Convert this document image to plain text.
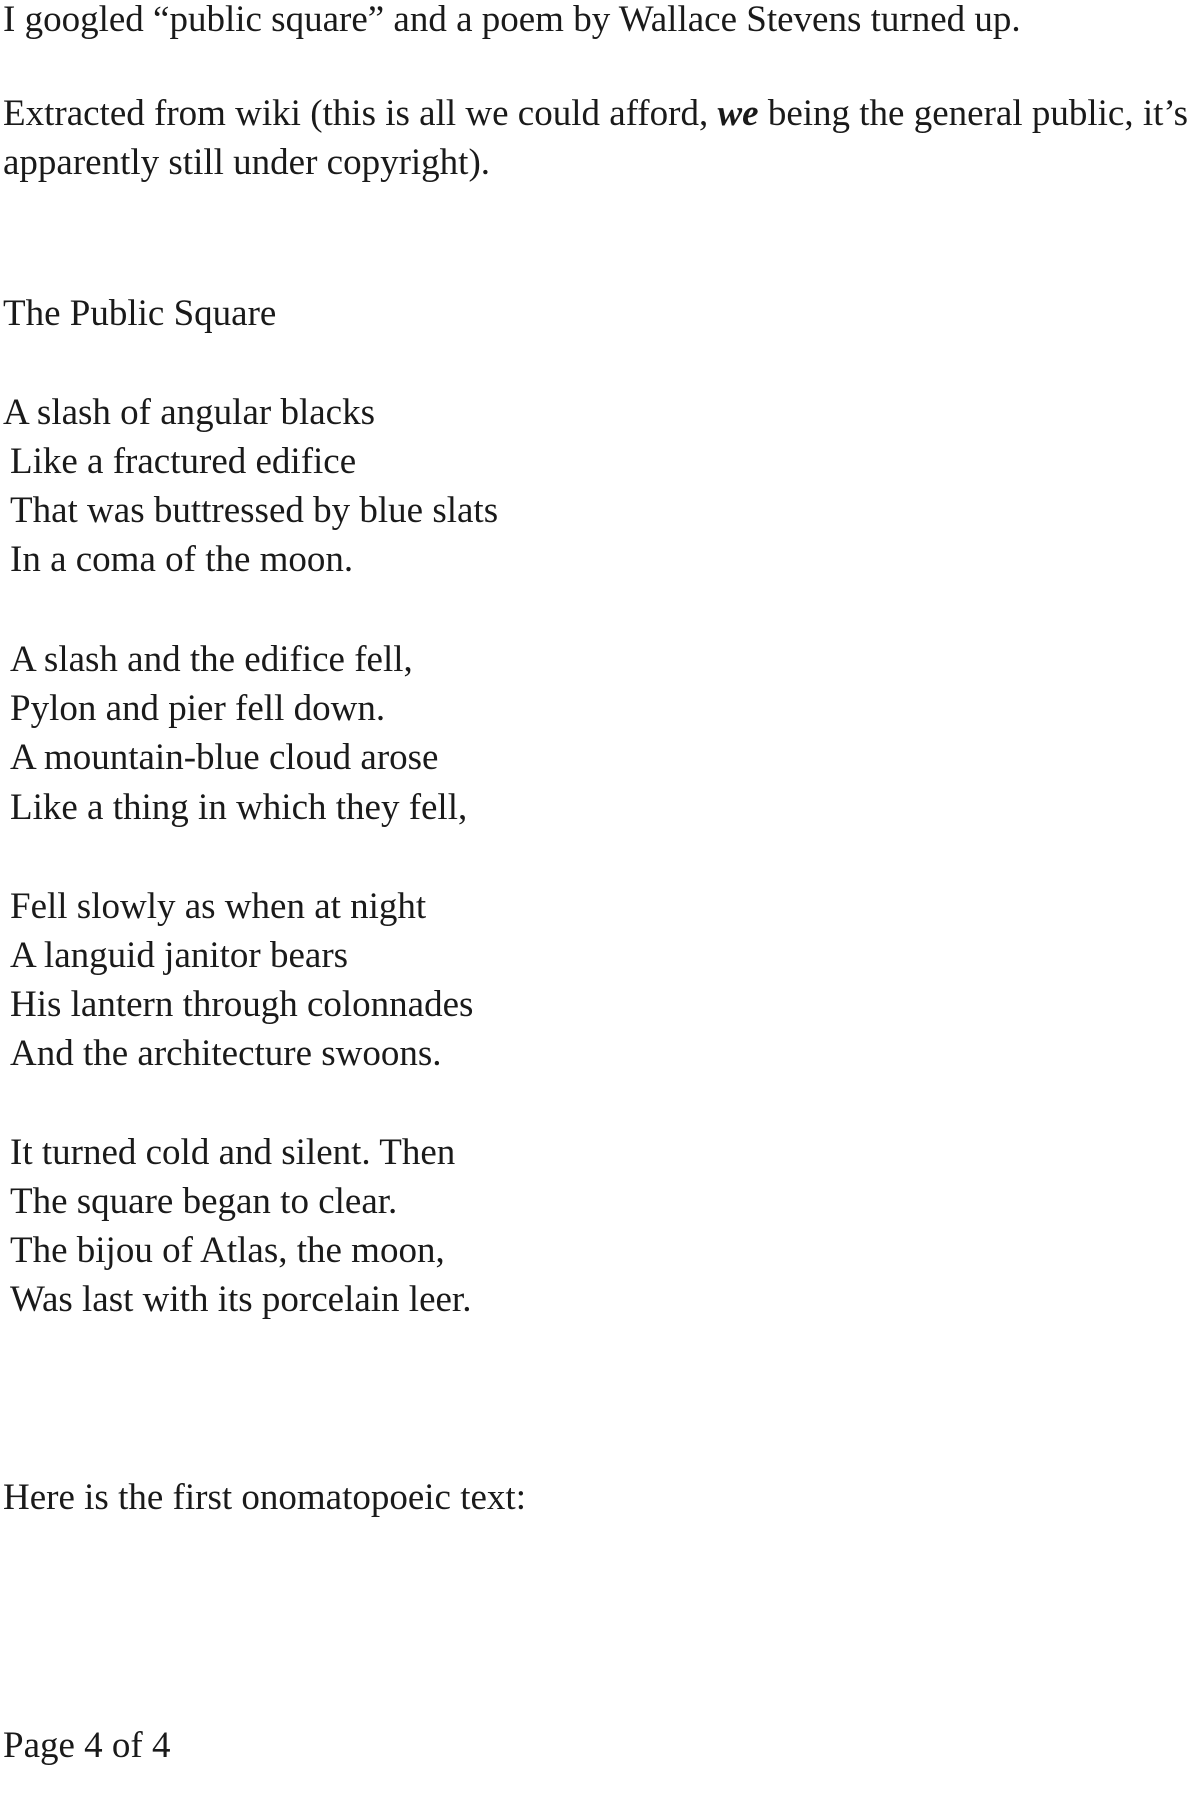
I googled “public square” and a poem by Wallace Stevens turned up.

Extracted from wiki (this is all we could afford, we being the general public, it’s

apparently still under copyright).

The Public Square

A slash of angular blacks

Like a fractured edifice

That was buttressed by blue slats

In a coma of the moon.

A slash and the edifice fell,

Pylon and pier fell down.

A mountain-blue cloud arose

Like a thing in which they fell,

Fell slowly as when at night

A languid janitor bears

His lantern through colonnades

And the architecture swoons.

It turned cold and silent. Then

The square began to clear.

The bijou of Atlas, the moon,

Was last with its porcelain leer.

Here is the first onomatopoeic text:

Page 4 of 4
